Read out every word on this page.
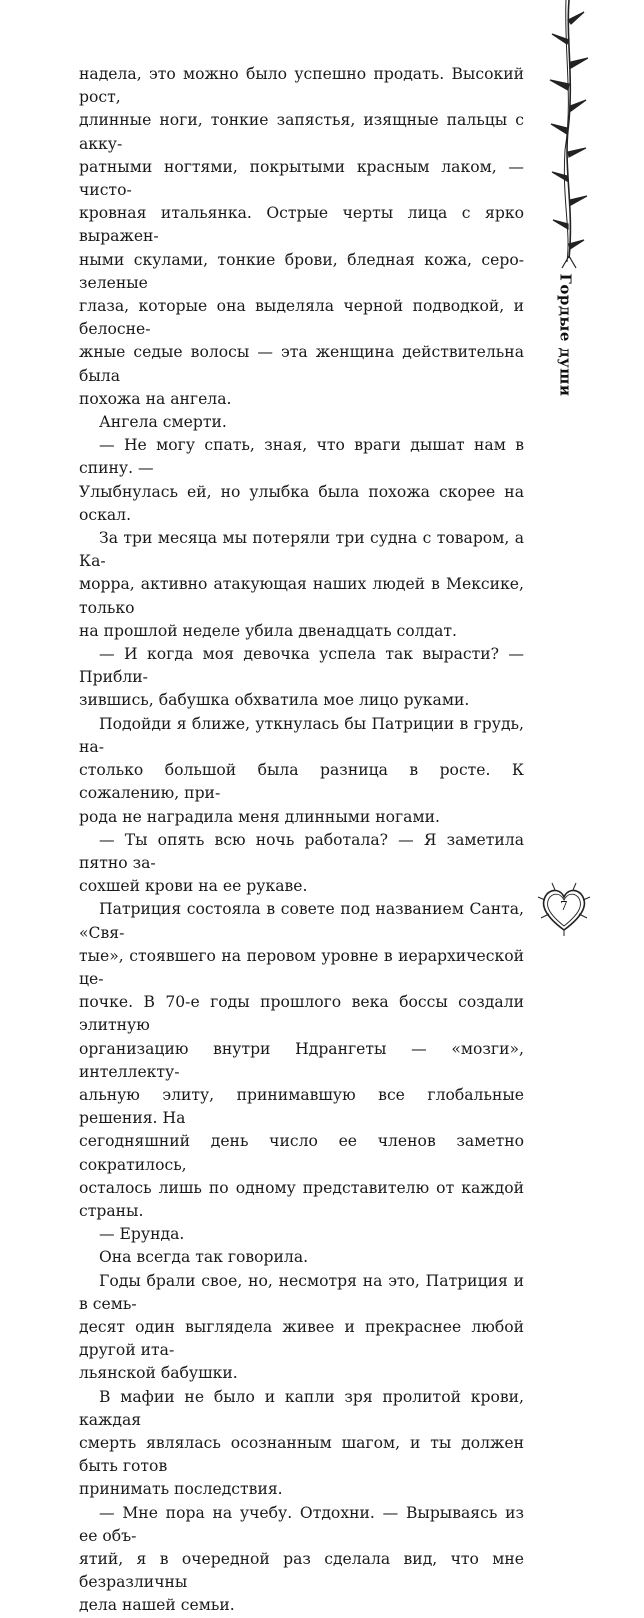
Гордые души

надела, это можно было успешно продать. Высокий рост,

длинные ноги, тонкие запястья, изящные пальцы с акку-

ратными ногтями, покрытыми красным лаком, — чисто-

кровная итальянка. Острые черты лица с ярко выражен-

ными скулами, тонкие брови, бледная кожа, серо-зеленые

глаза, которые она выделяла черной подводкой, и белосне-

жные седые волосы — эта женщина действительна была

похожа на ангела.

Ангела смерти.

— Не могу спать, зная, что враги дышат нам в спину. —

Улыбнулась ей, но улыбка была похожа скорее на оскал.

За три месяца мы потеряли три судна с товаром, а Ка-

морра, активно атакующая наших людей в Мексике, только

на прошлой неделе убила двенадцать солдат.

— И когда моя девочка успела так вырасти? — Прибли-

зившись, бабушка обхватила мое лицо руками.

Подойди я ближе, уткнулась бы Патриции в грудь, на-

столько большой была разница в росте. К сожалению, при-

рода не наградила меня длинными ногами.

— Ты опять всю ночь работала? — Я заметила пятно за-

сохшей крови на ее рукаве.

Патриция состояла в совете под названием Санта, «Свя-

тые», стоявшего на перовом уровне в иерархической це-

почке. В 70-е годы прошлого века боссы создали элитную

организацию внутри Ндрангеты — «мозги», интеллекту-

альную элиту, принимавшую все глобальные решения. На

сегодняшний день число ее членов заметно сократилось,

осталось лишь по одному представителю от каждой страны.

— Ерунда.

Она всегда так говорила.

Годы брали свое, но, несмотря на это, Патриция и в семь-

десят один выглядела живее и прекраснее любой другой ита-

льянской бабушки.

В мафии не было и капли зря пролитой крови, каждая

смерть являлась осознанным шагом, и ты должен быть готов

принимать последствия.

— Мне пора на учебу. Отдохни. — Вырываясь из ее объ-

ятий, я в очередной раз сделала вид, что мне безразличны

дела нашей семьи.

7
